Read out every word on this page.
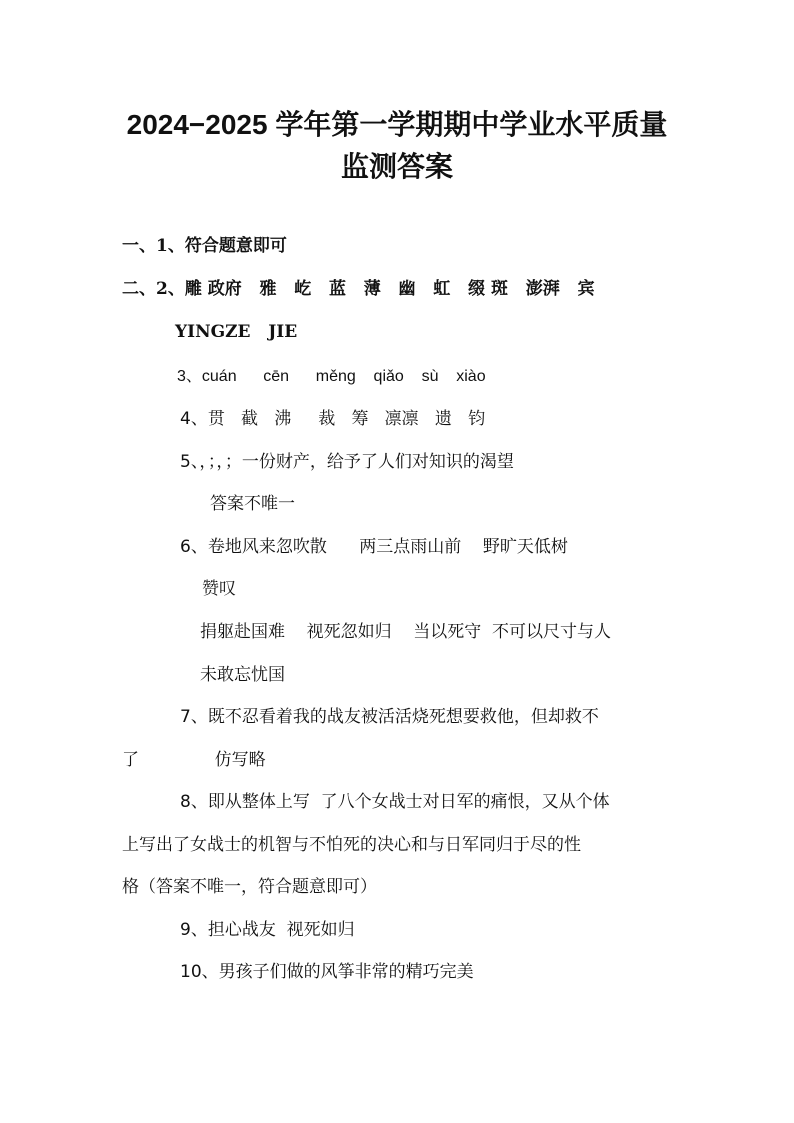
2024−2025 学年第一学期期中学业水平质量
监测答案
一、1、符合题意即可
二、2、雕 政府   雅   屹   蓝   薄   幽   虹   缀 斑   澎湃   宾
YINGZE   JIE
3、cuán      cēn      měng    qiǎo    sù    xiào
4、贯   截   沸     裁   筹   凛凛   遗   钧
5、，；，；一份财产，给予了人们对知识的渴望
答案不唯一
6、卷地风来忽吹散      两三点雨山前    野旷天低树
赞叹
捐躯赴国难    视死忽如归    当以死守  不可以尺寸与人
未敢忘忧国
7、既不忍看着我的战友被活活烧死想要救他，但却救不
了              仿写略
8、即从整体上写  了八个女战士对日军的痛恨，又从个体
上写出了女战士的机智与不怕死的决心和与日军同归于尽的性
格（答案不唯一，符合题意即可）
9、担心战友  视死如归
10、男孩子们做的风筝非常的精巧完美
